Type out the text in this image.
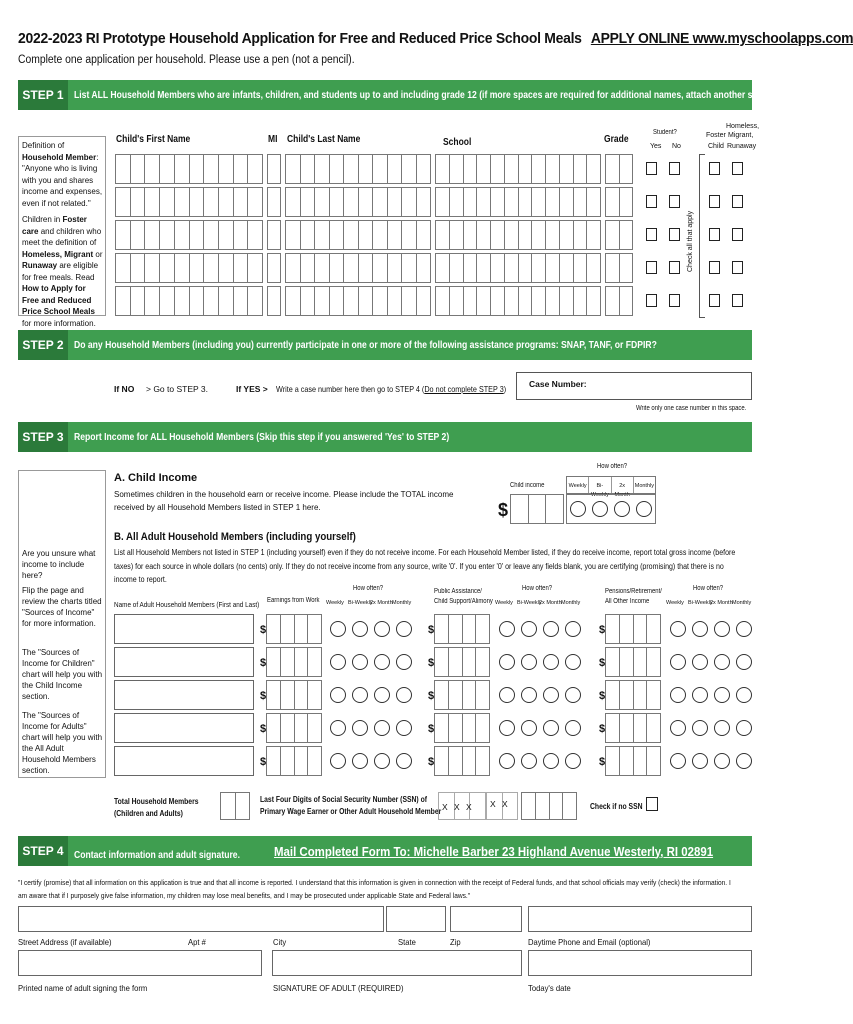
2022-2023 RI Prototype Household Application for Free and Reduced Price School Meals APPLY ONLINE www.myschoolapps.com
Complete one application per household. Please use a pen (not a pencil).
STEP 1 List ALL Household Members who are infants, children, and students up to and including grade 12 (if more spaces are required for additional names, attach another sheet of paper)
Definition of Household Member: "Anyone who is living with you and shares income and expenses, even if not related."
Children in Foster care and children who meet the definition of Homeless, Migrant or Runaway are eligible for free meals. Read How to Apply for Free and Reduced Price School Meals for more information.
Child's First Name	MI Child's Last Name	School	Grade
Student?
Yes No
Foster
Child
Homeless,
Migrant,
Runaway
Check all that apply
STEP 2 Do any Household Members (including you) currently participate in one or more of the following assistance programs: SNAP, TANF, or FDPIR?
If NO > Go to STEP 3.	If YES > Write a case number here then go to STEP 4 (Do not complete STEP 3)	Case Number:
Write only one case number in this space.
STEP 3 Report Income for ALL Household Members (Skip this step if you answered 'Yes' to STEP 2)
Are you unsure what income to include here?
Flip the page and review the charts titled "Sources of Income" for more information.
The "Sources of Income for Children" chart will help you with the Child Income section.
The "Sources of Income for Adults" chart will help you with the All Adult Household Members section.
A. Child Income
Sometimes children in the household earn or receive income. Please include the TOTAL income received by all Household Members listed in STEP 1 here.
Child income
How often?
Weekly	Bi-Weekly
2x Month
Monthly
$
B. All Adult Household Members (including yourself)
List all Household Members not listed in STEP 1 (including yourself) even if they do not receive income. For each Household Member listed, if they do receive income, report total gross income (before taxes) for each source in whole dollars (no cents) only. If they do not receive income from any source, write '0'. If you enter '0' or leave any fields blank, you are certifying (promising) that there is no income to report.
Name of Adult Household Members (First and Last) Earnings from Work
Public Assistance/
Child Support/Alimony
Pensions/Retirement/
All Other Income
How often?	How often?	How often?
Weekly Bi-Weekly
2x Month Monthly	Weekly Bi-Weekly
2x Month Monthly	Weekly Bi-Weekly
2x Month Monthly
$	$	$
$	$	$
$	$	$
$	$	$
$	$	$
Total Household Members
(Children and Adults)
Last Four Digits of Social Security Number (SSN) of
Primary Wage Earner or Other Adult Household Member X X X X X	Check if no SSN
STEP 4 Contact information and adult signature.	Mail Completed Form To: Michelle Barber 23 Highland Avenue Westerly, RI 02891
"I certify (promise) that all information on this application is true and that all income is reported. I understand that this information is given in connection with the receipt of Federal funds, and that school officials may verify (check) the information. I am aware that if I purposely give false information, my children may lose meal benefits, and I may be prosecuted under applicable State and Federal laws."
Street Address (if available)	Apt #	City	State	Zip	Daytime Phone and Email (optional)
Printed name of adult signing the form	SIGNATURE OF ADULT (REQUIRED)	Today's date
